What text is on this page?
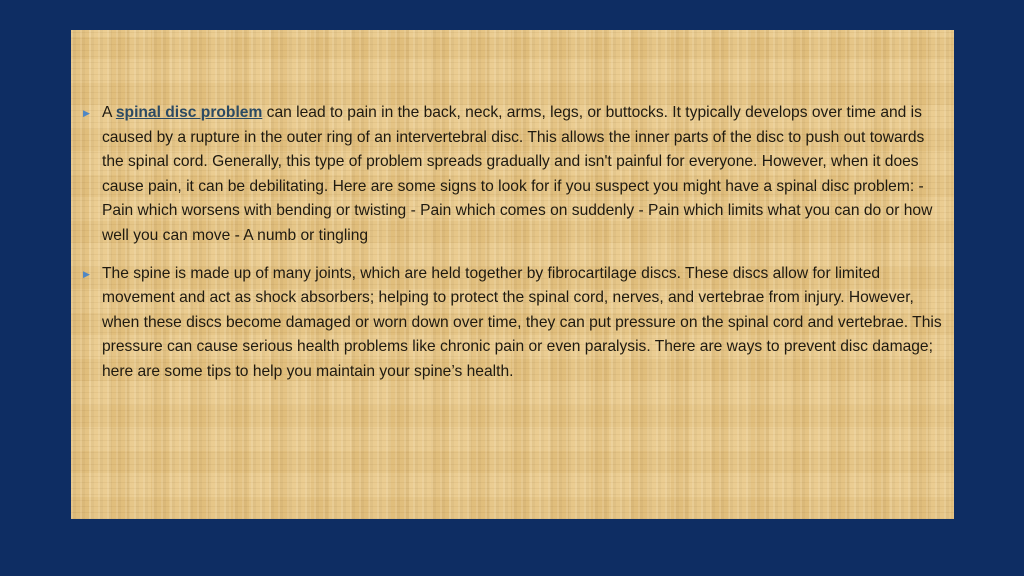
▶ A spinal disc problem can lead to pain in the back, neck, arms, legs, or buttocks. It typically develops over time and is caused by a rupture in the outer ring of an intervertebral disc. This allows the inner parts of the disc to push out towards the spinal cord. Generally, this type of problem spreads gradually and isn't painful for everyone. However, when it does cause pain, it can be debilitating. Here are some signs to look for if you suspect you might have a spinal disc problem: - Pain which worsens with bending or twisting - Pain which comes on suddenly - Pain which limits what you can do or how well you can move - A numb or tingling
▶ The spine is made up of many joints, which are held together by fibrocartilage discs. These discs allow for limited movement and act as shock absorbers; helping to protect the spinal cord, nerves, and vertebrae from injury. However, when these discs become damaged or worn down over time, they can put pressure on the spinal cord and vertebrae. This pressure can cause serious health problems like chronic pain or even paralysis. There are ways to prevent disc damage; here are some tips to help you maintain your spine’s health.
